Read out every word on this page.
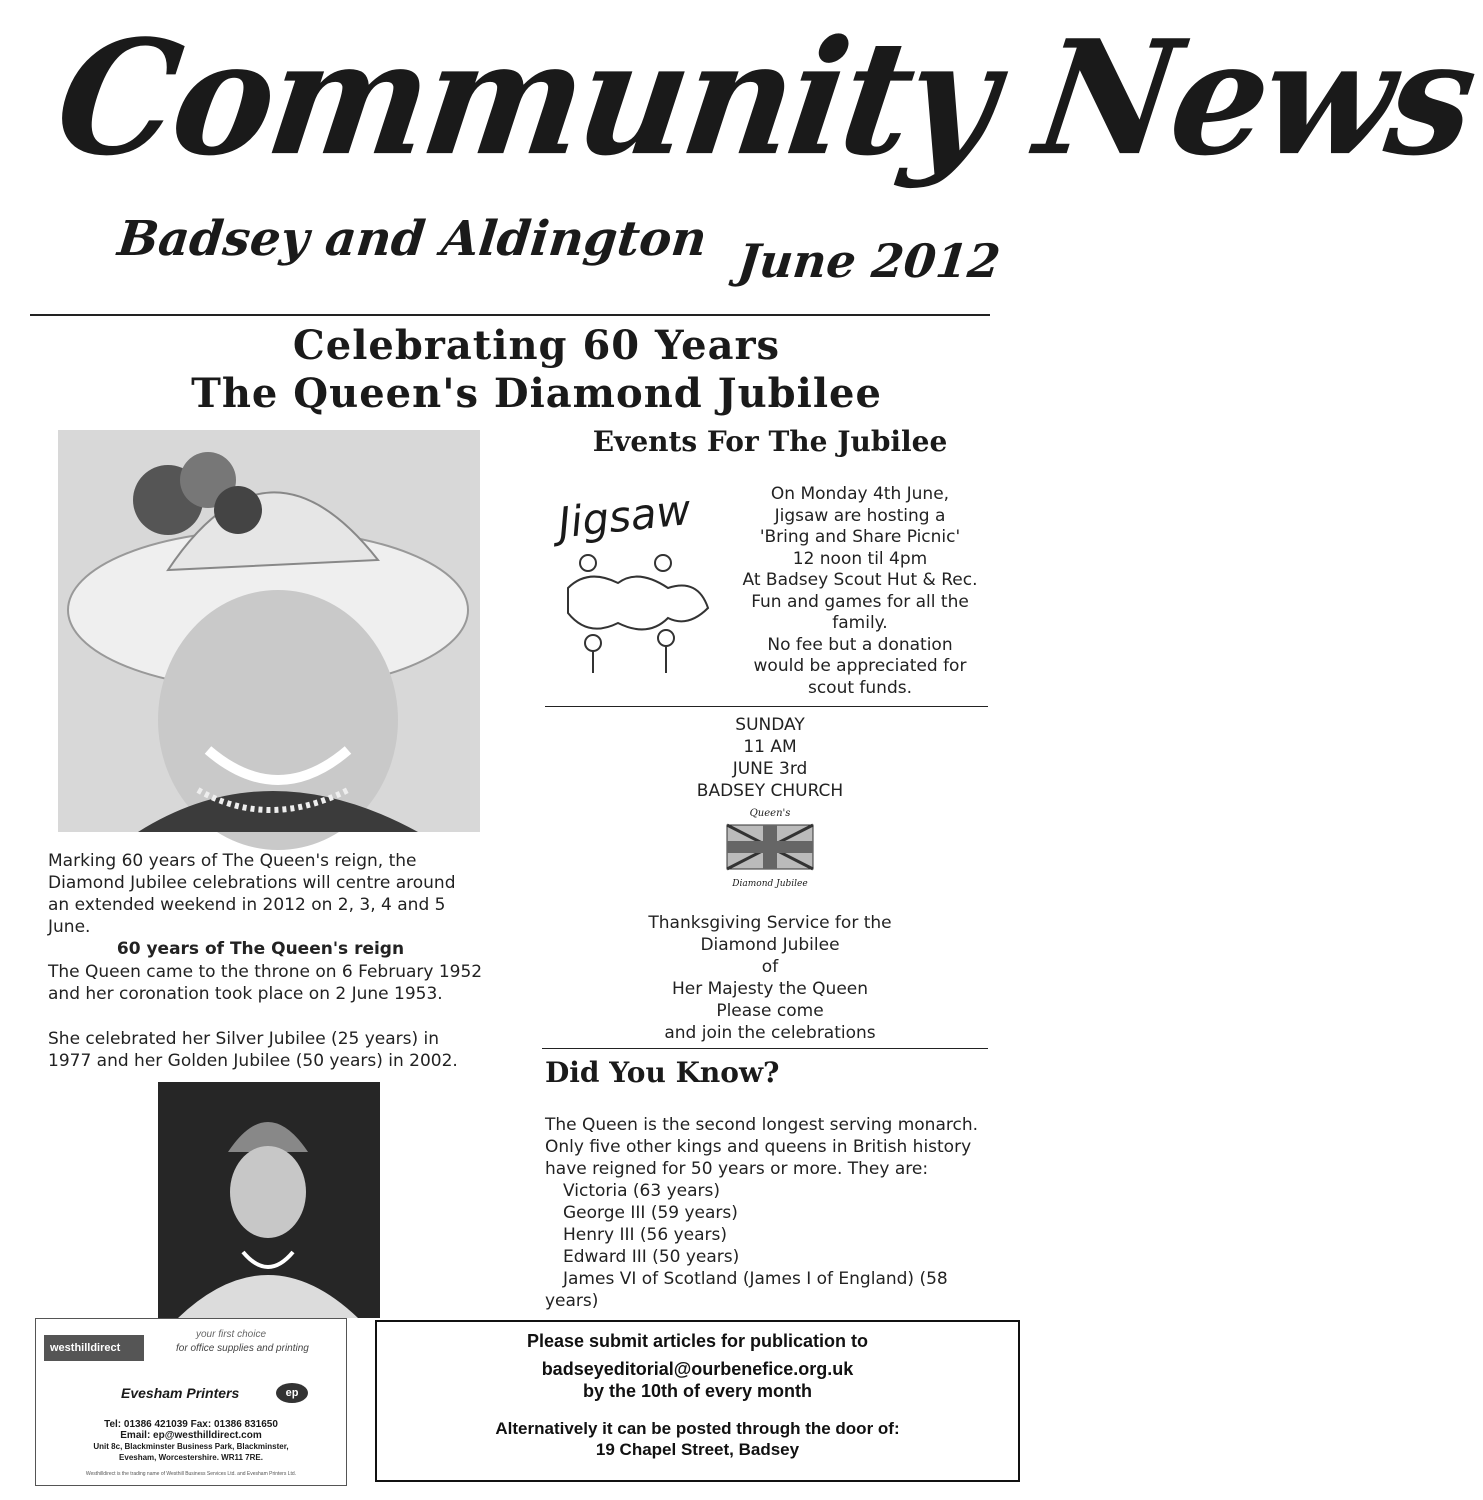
Community News
Badsey and Aldington June 2012
Celebrating 60 Years
The Queen's Diamond Jubilee
Marking 60 years of The Queen's reign, the Diamond Jubilee celebrations will centre around an extended weekend in 2012 on 2, 3, 4 and 5 June.
60 years of The Queen's reign
The Queen came to the throne on 6 February 1952 and her coronation took place on 2 June 1953.
She celebrated her Silver Jubilee (25 years) in 1977 and her Golden Jubilee (50 years) in 2002.
Events For The Jubilee
Jigsaw	On Monday 4th June,
Jigsaw are hosting a
'Bring and Share Picnic'
12 noon til 4pm
At Badsey Scout Hut & Rec.
Fun and games for all the
family.
No fee but a donation
would be appreciated for
scout funds.
SUNDAY
11 AM
JUNE 3rd
BADSEY CHURCH
Queen's
Diamond Jubilee
Thanksgiving Service for the
Diamond Jubilee
of
Her Majesty the Queen
Please come
and join the celebrations
Did You Know?
The Queen is the second longest serving monarch. Only five other kings and queens in British history have reigned for 50 years or more. They are:
Victoria (63 years)
George III (59 years)
Henry III (56 years)
Edward III (50 years)
James VI of Scotland (James I of England) (58
years)
westhilldirect
your first choice
for office supplies and printing
Evesham Printers	ep
Tel: 01386 421039 Fax: 01386 831650
Email: ep@westhilldirect.com
Unit 8c, Blackminster Business Park, Blackminster,
Evesham, Worcestershire. WR11 7RE.
Westhilldirect is the trading name of Westhill Business Services Ltd. and Evesham Printers Ltd.
Please submit articles for publication to
badseyeditorial@ourbenefice.org.uk
by the 10th of every month
Alternatively it can be posted through the door of:
19 Chapel Street, Badsey
